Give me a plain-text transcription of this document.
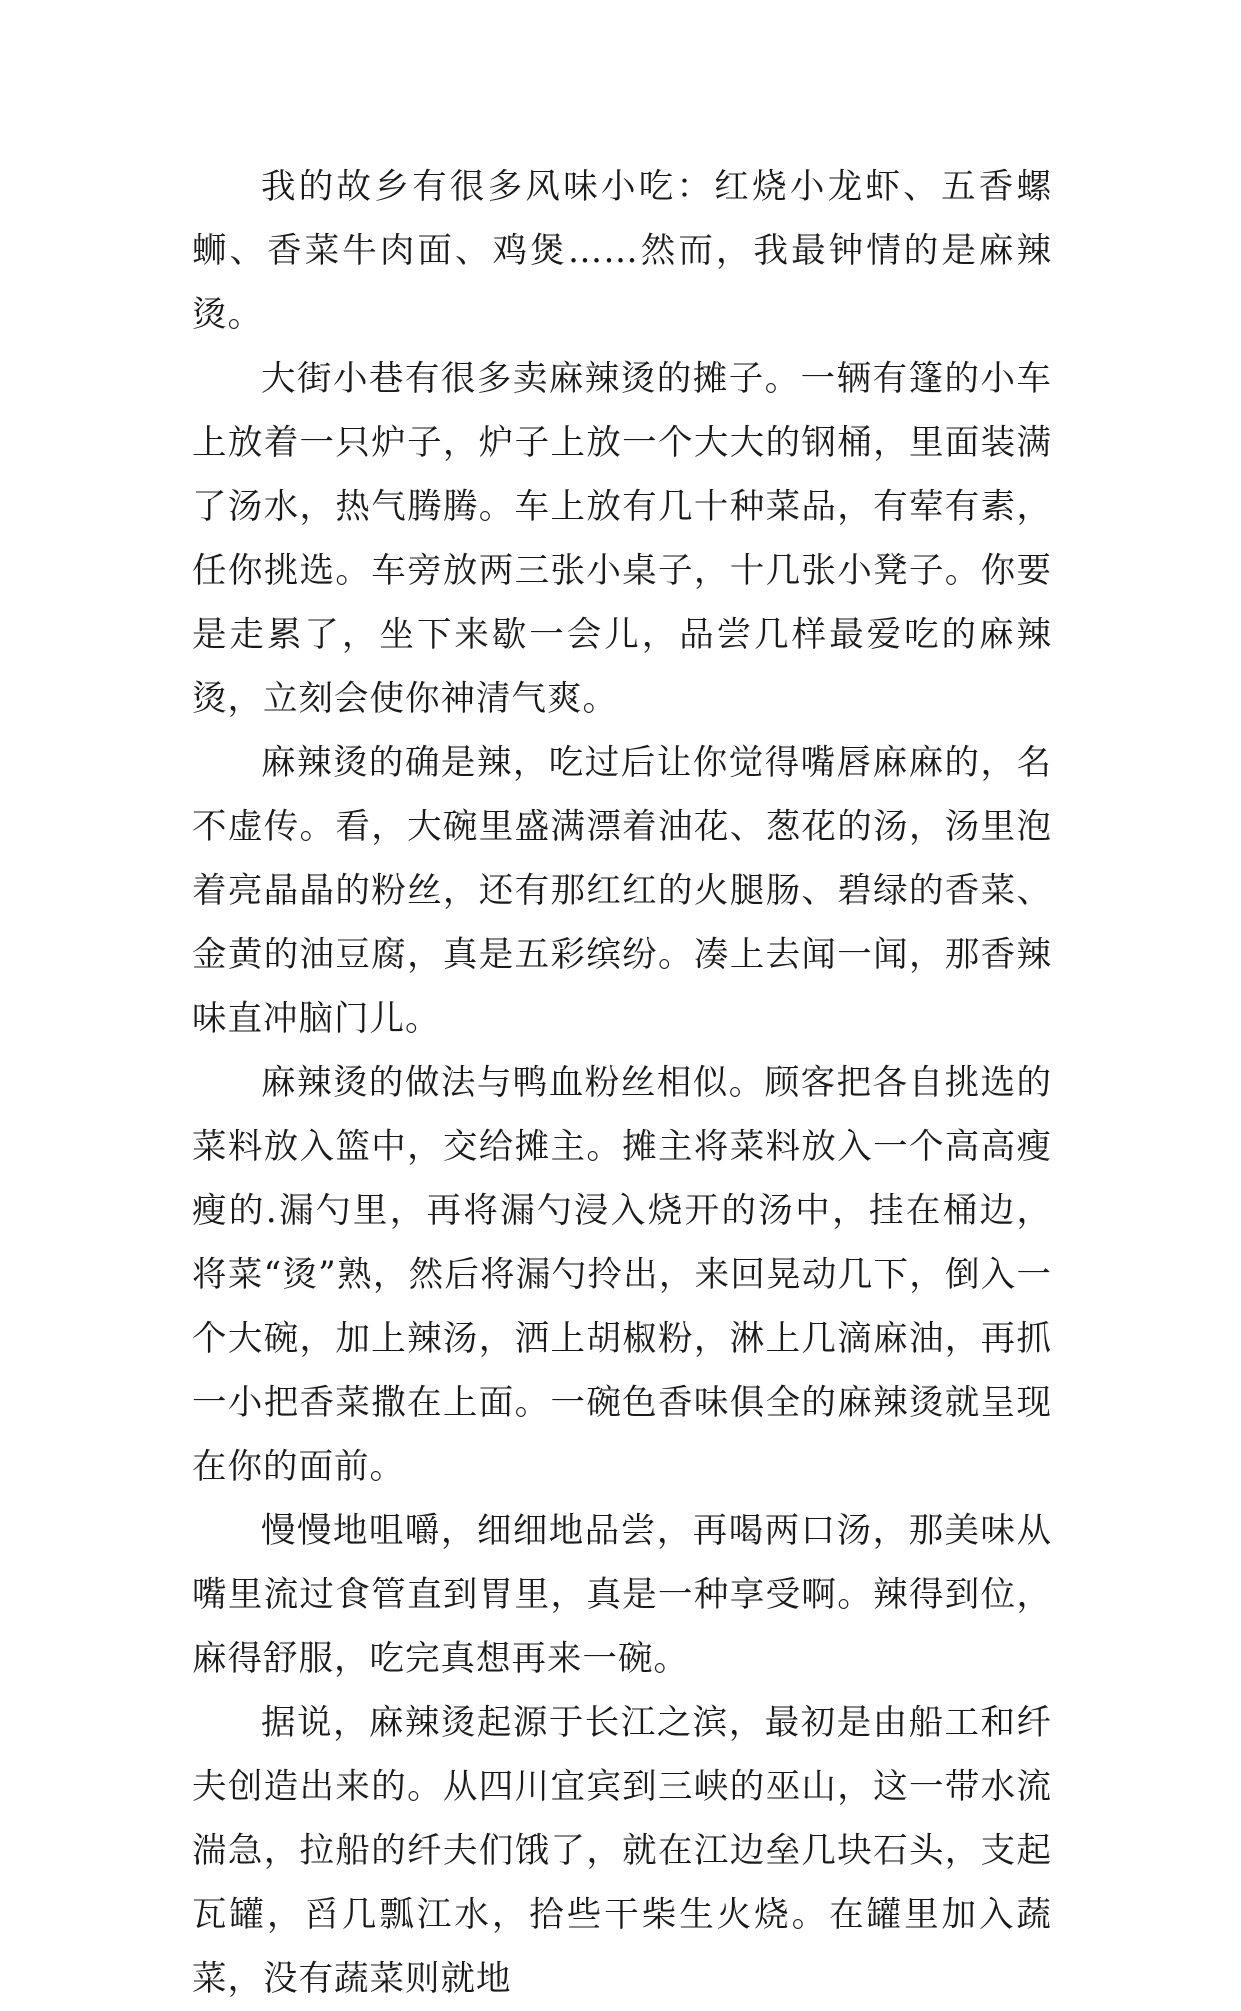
我的故乡有很多风味小吃：红烧小龙虾、五香螺蛳、香菜牛肉面、鸡煲……然而，我最钟情的是麻辣烫。

大街小巷有很多卖麻辣烫的摊子。一辆有篷的小车上放着一只炉子，炉子上放一个大大的钢桶，里面装满了汤水，热气腾腾。车上放有几十种菜品，有荤有素，任你挑选。车旁放两三张小桌子，十几张小凳子。你要是走累了，坐下来歇一会儿，品尝几样最爱吃的麻辣烫，立刻会使你神清气爽。

麻辣烫的确是辣，吃过后让你觉得嘴唇麻麻的，名不虚传。看，大碗里盛满漂着油花、葱花的汤，汤里泡着亮晶晶的粉丝，还有那红红的火腿肠、碧绿的香菜、金黄的油豆腐，真是五彩缤纷。凑上去闻一闻，那香辣味直冲脑门儿。

麻辣烫的做法与鸭血粉丝相似。顾客把各自挑选的菜料放入篮中，交给摊主。摊主将菜料放入一个高高瘦瘦的.漏勺里，再将漏勺浸入烧开的汤中，挂在桶边，将菜“烫”熟，然后将漏勺拎出，来回晃动几下，倒入一个大碗，加上辣汤，洒上胡椒粉，淋上几滴麻油，再抓一小把香菜撒在上面。一碗色香味俱全的麻辣烫就呈现在你的面前。

慢慢地咀嚼，细细地品尝，再喝两口汤，那美味从嘴里流过食管直到胃里，真是一种享受啊。辣得到位，麻得舒服，吃完真想再来一碗。

据说，麻辣烫起源于长江之滨，最初是由船工和纤夫创造出来的。从四川宜宾到三峡的巫山，这一带水流湍急，拉船的纤夫们饿了，就在江边垒几块石头，支起瓦罐，舀几瓢江水，拾些干柴生火烧。在罐里加入蔬菜，没有蔬菜则就地
